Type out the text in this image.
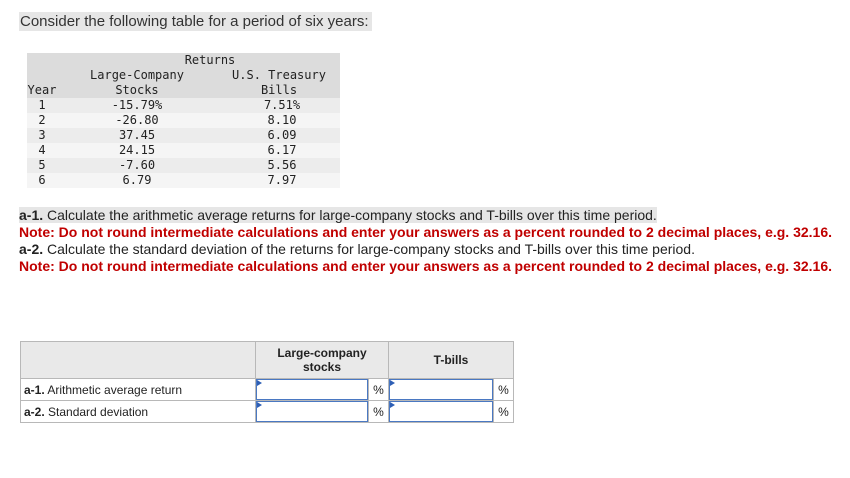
Consider the following table for a period of six years:
Returns
Large-Company	U.S. Treasury
Year	Stocks	Bills
1	-15.79%	7.51%
2	-26.80	8.10
3	37.45	6.09
4	24.15	6.17
5	-7.60	5.56
6	6.79	7.97
a-1. Calculate the arithmetic average returns for large-company stocks and T-bills over this time period.
Note: Do not round intermediate calculations and enter your answers as a percent rounded to 2 decimal places, e.g. 32.16.
a-2. Calculate the standard deviation of the returns for large-company stocks and T-bills over this time period.
Note: Do not round intermediate calculations and enter your answers as a percent rounded to 2 decimal places, e.g. 32.16.
	Large-company
stocks		T-bills	
a-1. Arithmetic average return		%		%
a-2. Standard deviation		%		%
